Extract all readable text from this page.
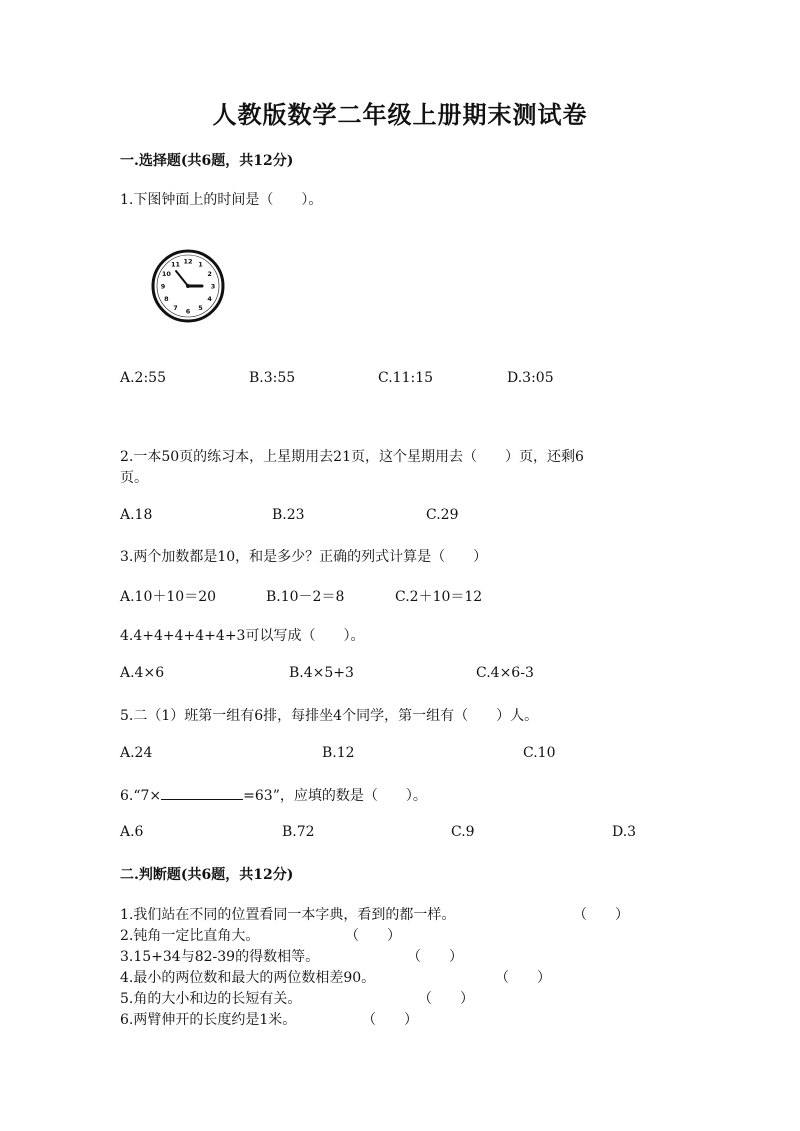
人教版数学二年级上册期末测试卷
一.选择题(共6题，共12分)
1.下图钟面上的时间是（　　）。
12 1
2
3
4
5
6
7
8
9
10
11
A.2:55	B.3:55	C.11:15	D.3:05
2.一本50页的练习本，上星期用去21页，这个星期用去（　　）页，还剩6
页。
A.18	B.23	C.29
3.两个加数都是10，和是多少？正确的列式计算是（　　）
A.10＋10＝20	B.10－2＝8	C.2＋10＝12
4.4+4+4+4+4+3可以写成（　　）。
A.4×6	B.4×5+3	C.4×6-3
5.二（1）班第一组有6排，每排坐4个同学，第一组有（　　）人。
A.24	B.12	C.10
6.“7×	=63”，应填的数是（　　）。
A.6	B.72	C.9	D.3
二.判断题(共6题，共12分)
1.我们站在不同的位置看同一本字典，看到的都一样。	（　　）
2.钝角一定比直角大。	（　　）
3.15+34与82-39的得数相等。	（　　）
4.最小的两位数和最大的两位数相差90。	（　　）
5.角的大小和边的长短有关。	（　　）
6.两臂伸开的长度约是1米。	（　　）
